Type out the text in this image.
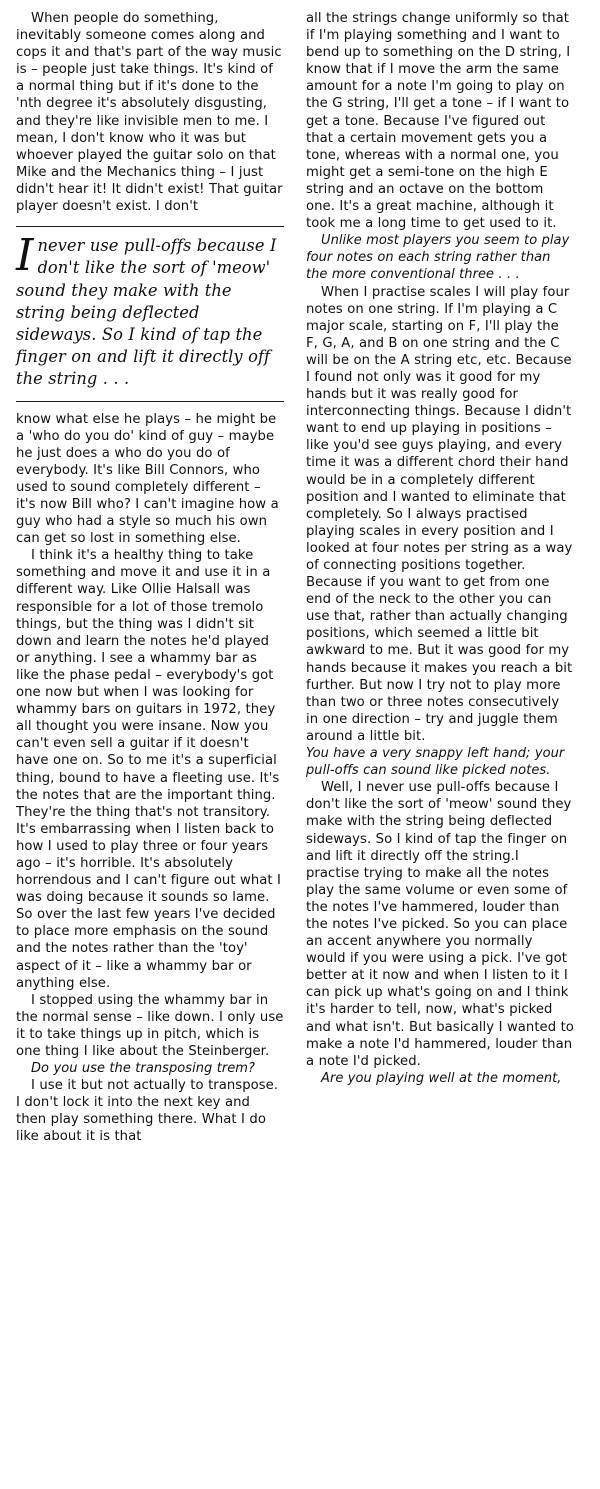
When people do something, inevitably someone comes along and cops it and that's part of the way music is – people just take things. It's kind of a normal thing but if it's done to the 'nth degree it's absolutely disgusting, and they're like invisible men to me. I mean, I don't know who it was but whoever played the guitar solo on that Mike and the Mechanics thing – I just didn't hear it! It didn't exist! That guitar player doesn't exist. I don't

Inever use pull-offs because I don't like the sort of 'meow' sound they make with the string being deflected sideways. So I kind of tap the finger on and lift it directly off the string . . .

know what else he plays – he might be a 'who do you do' kind of guy – maybe he just does a who do you do of everybody. It's like Bill Connors, who used to sound completely different – it's now Bill who? I can't imagine how a guy who had a style so much his own can get so lost in something else.

I think it's a healthy thing to take something and move it and use it in a different way. Like Ollie Halsall was responsible for a lot of those tremolo things, but the thing was I didn't sit down and learn the notes he'd played or anything. I see a whammy bar as like the phase pedal – everybody's got one now but when I was looking for whammy bars on guitars in 1972, they all thought you were insane. Now you can't even sell a guitar if it doesn't have one on. So to me it's a superficial thing, bound to have a fleeting use. It's the notes that are the important thing. They're the thing that's not transitory. It's embarrassing when I listen back to how I used to play three or four years ago – it's horrible. It's absolutely horrendous and I can't figure out what I was doing because it sounds so lame. So over the last few years I've decided to place more emphasis on the sound and the notes rather than the 'toy' aspect of it – like a whammy bar or anything else.

I stopped using the whammy bar in the normal sense – like down. I only use it to take things up in pitch, which is one thing I like about the Steinberger.

Do you use the transposing trem?

I use it but not actually to transpose. I don't lock it into the next key and then play something there. What I do like about it is that

all the strings change uniformly so that if I'm playing something and I want to bend up to something on the D string, I know that if I move the arm the same amount for a note I'm going to play on the G string, I'll get a tone – if I want to get a tone. Because I've figured out that a certain movement gets you a tone, whereas with a normal one, you might get a semi-tone on the high E string and an octave on the bottom one. It's a great machine, although it took me a long time to get used to it.

Unlike most players you seem to play four notes on each string rather than the more conventional three . . .

When I practise scales I will play four notes on one string. If I'm playing a C major scale, starting on F, I'll play the F, G, A, and B on one string and the C will be on the A string etc, etc. Because I found not only was it good for my hands but it was really good for interconnecting things. Because I didn't want to end up playing in positions – like you'd see guys playing, and every time it was a different chord their hand would be in a completely different position and I wanted to eliminate that completely. So I always practised playing scales in every position and I looked at four notes per string as a way of connecting positions together. Because if you want to get from one end of the neck to the other you can use that, rather than actually changing positions, which seemed a little bit awkward to me. But it was good for my hands because it makes you reach a bit further. But now I try not to play more than two or three notes consecutively in one direction – try and juggle them around a little bit.

You have a very snappy left hand; your pull-offs can sound like picked notes.

Well, I never use pull-offs because I don't like the sort of 'meow' sound they make with the string being deflected sideways. So I kind of tap the finger on and lift it directly off the string.I practise trying to make all the notes play the same volume or even some of the notes I've hammered, louder than the notes I've picked. So you can place an accent anywhere you normally would if you were using a pick. I've got better at it now and when I listen to it I can pick up what's going on and I think it's harder to tell, now, what's picked and what isn't. But basically I wanted to make a note I'd hammered, louder than a note I'd picked.

Are you playing well at the moment,
